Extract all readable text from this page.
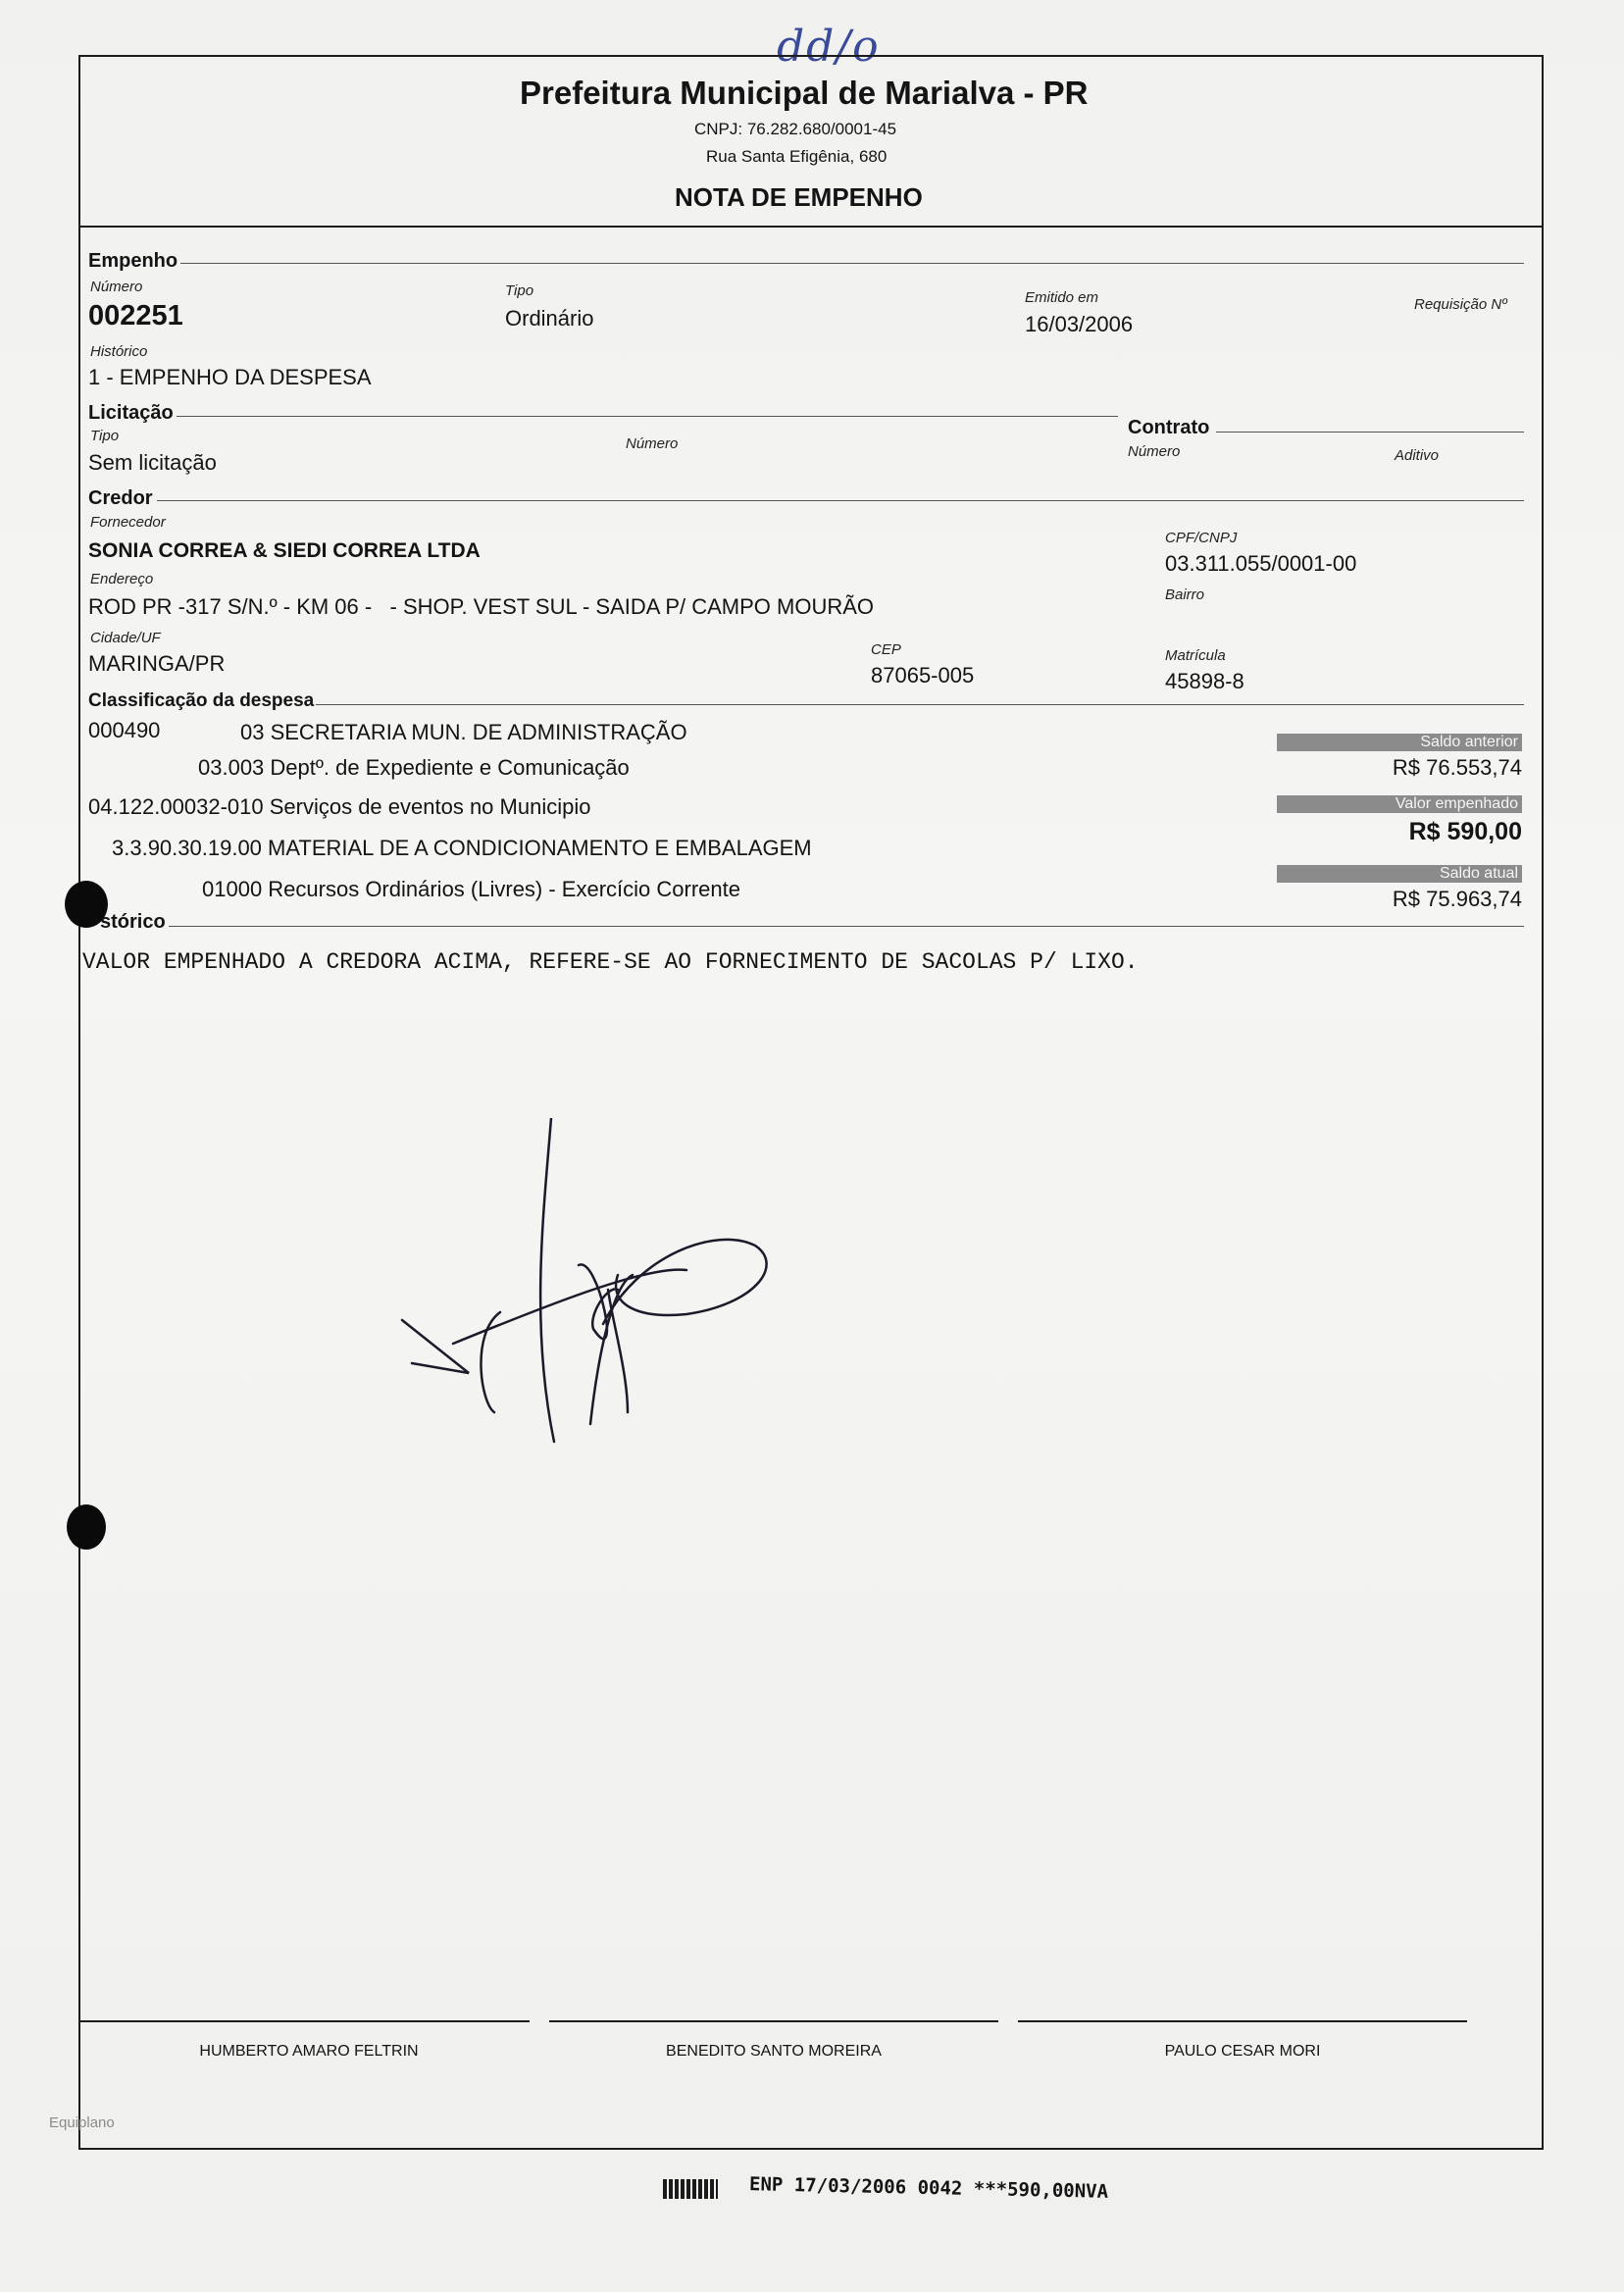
dd/o
Prefeitura Municipal de Marialva - PR
CNPJ: 76.282.680/0001-45
Rua Santa Efigênia, 680
NOTA DE EMPENHO
Empenho
Número
002251
Tipo
Ordinário
Emitido em
16/03/2006
Requisição Nº
Histórico
1 - EMPENHO DA DESPESA
Licitação
Tipo
Sem licitação
Número
Contrato
Número	Aditivo
Credor
Fornecedor
SONIA CORREA & SIEDI CORREA LTDA
CPF/CNPJ
03.311.055/0001-00
Endereço
ROD PR -317 S/N.º - KM 06 -   - SHOP. VEST SUL - SAIDA P/ CAMPO MOURÃO	Bairro
Cidade/UF
MARINGA/PR
CEP
87065-005
Matrícula
45898-8
Classificação da despesa
000490	03 SECRETARIA MUN. DE ADMINISTRAÇÃO
03.003 Deptº. de Expediente e Comunicação
04.122.00032-010 Serviços de eventos no Municipio
3.3.90.30.19.00 MATERIAL DE A CONDICIONAMENTO E EMBALAGEM
01000 Recursos Ordinários (Livres) - Exercício Corrente
Saldo anterior
R$ 76.553,74
Valor empenhado
R$ 590,00
Saldo atual
R$ 75.963,74
stórico
VALOR EMPENHADO A CREDORA ACIMA, REFERE-SE AO FORNECIMENTO DE SACOLAS P/ LIXO.
HUMBERTO AMARO FELTRIN	BENEDITO SANTO MOREIRA	PAULO CESAR MORI
Equiplano
ENP 17/03/2006 0042 ***590,00NVA
